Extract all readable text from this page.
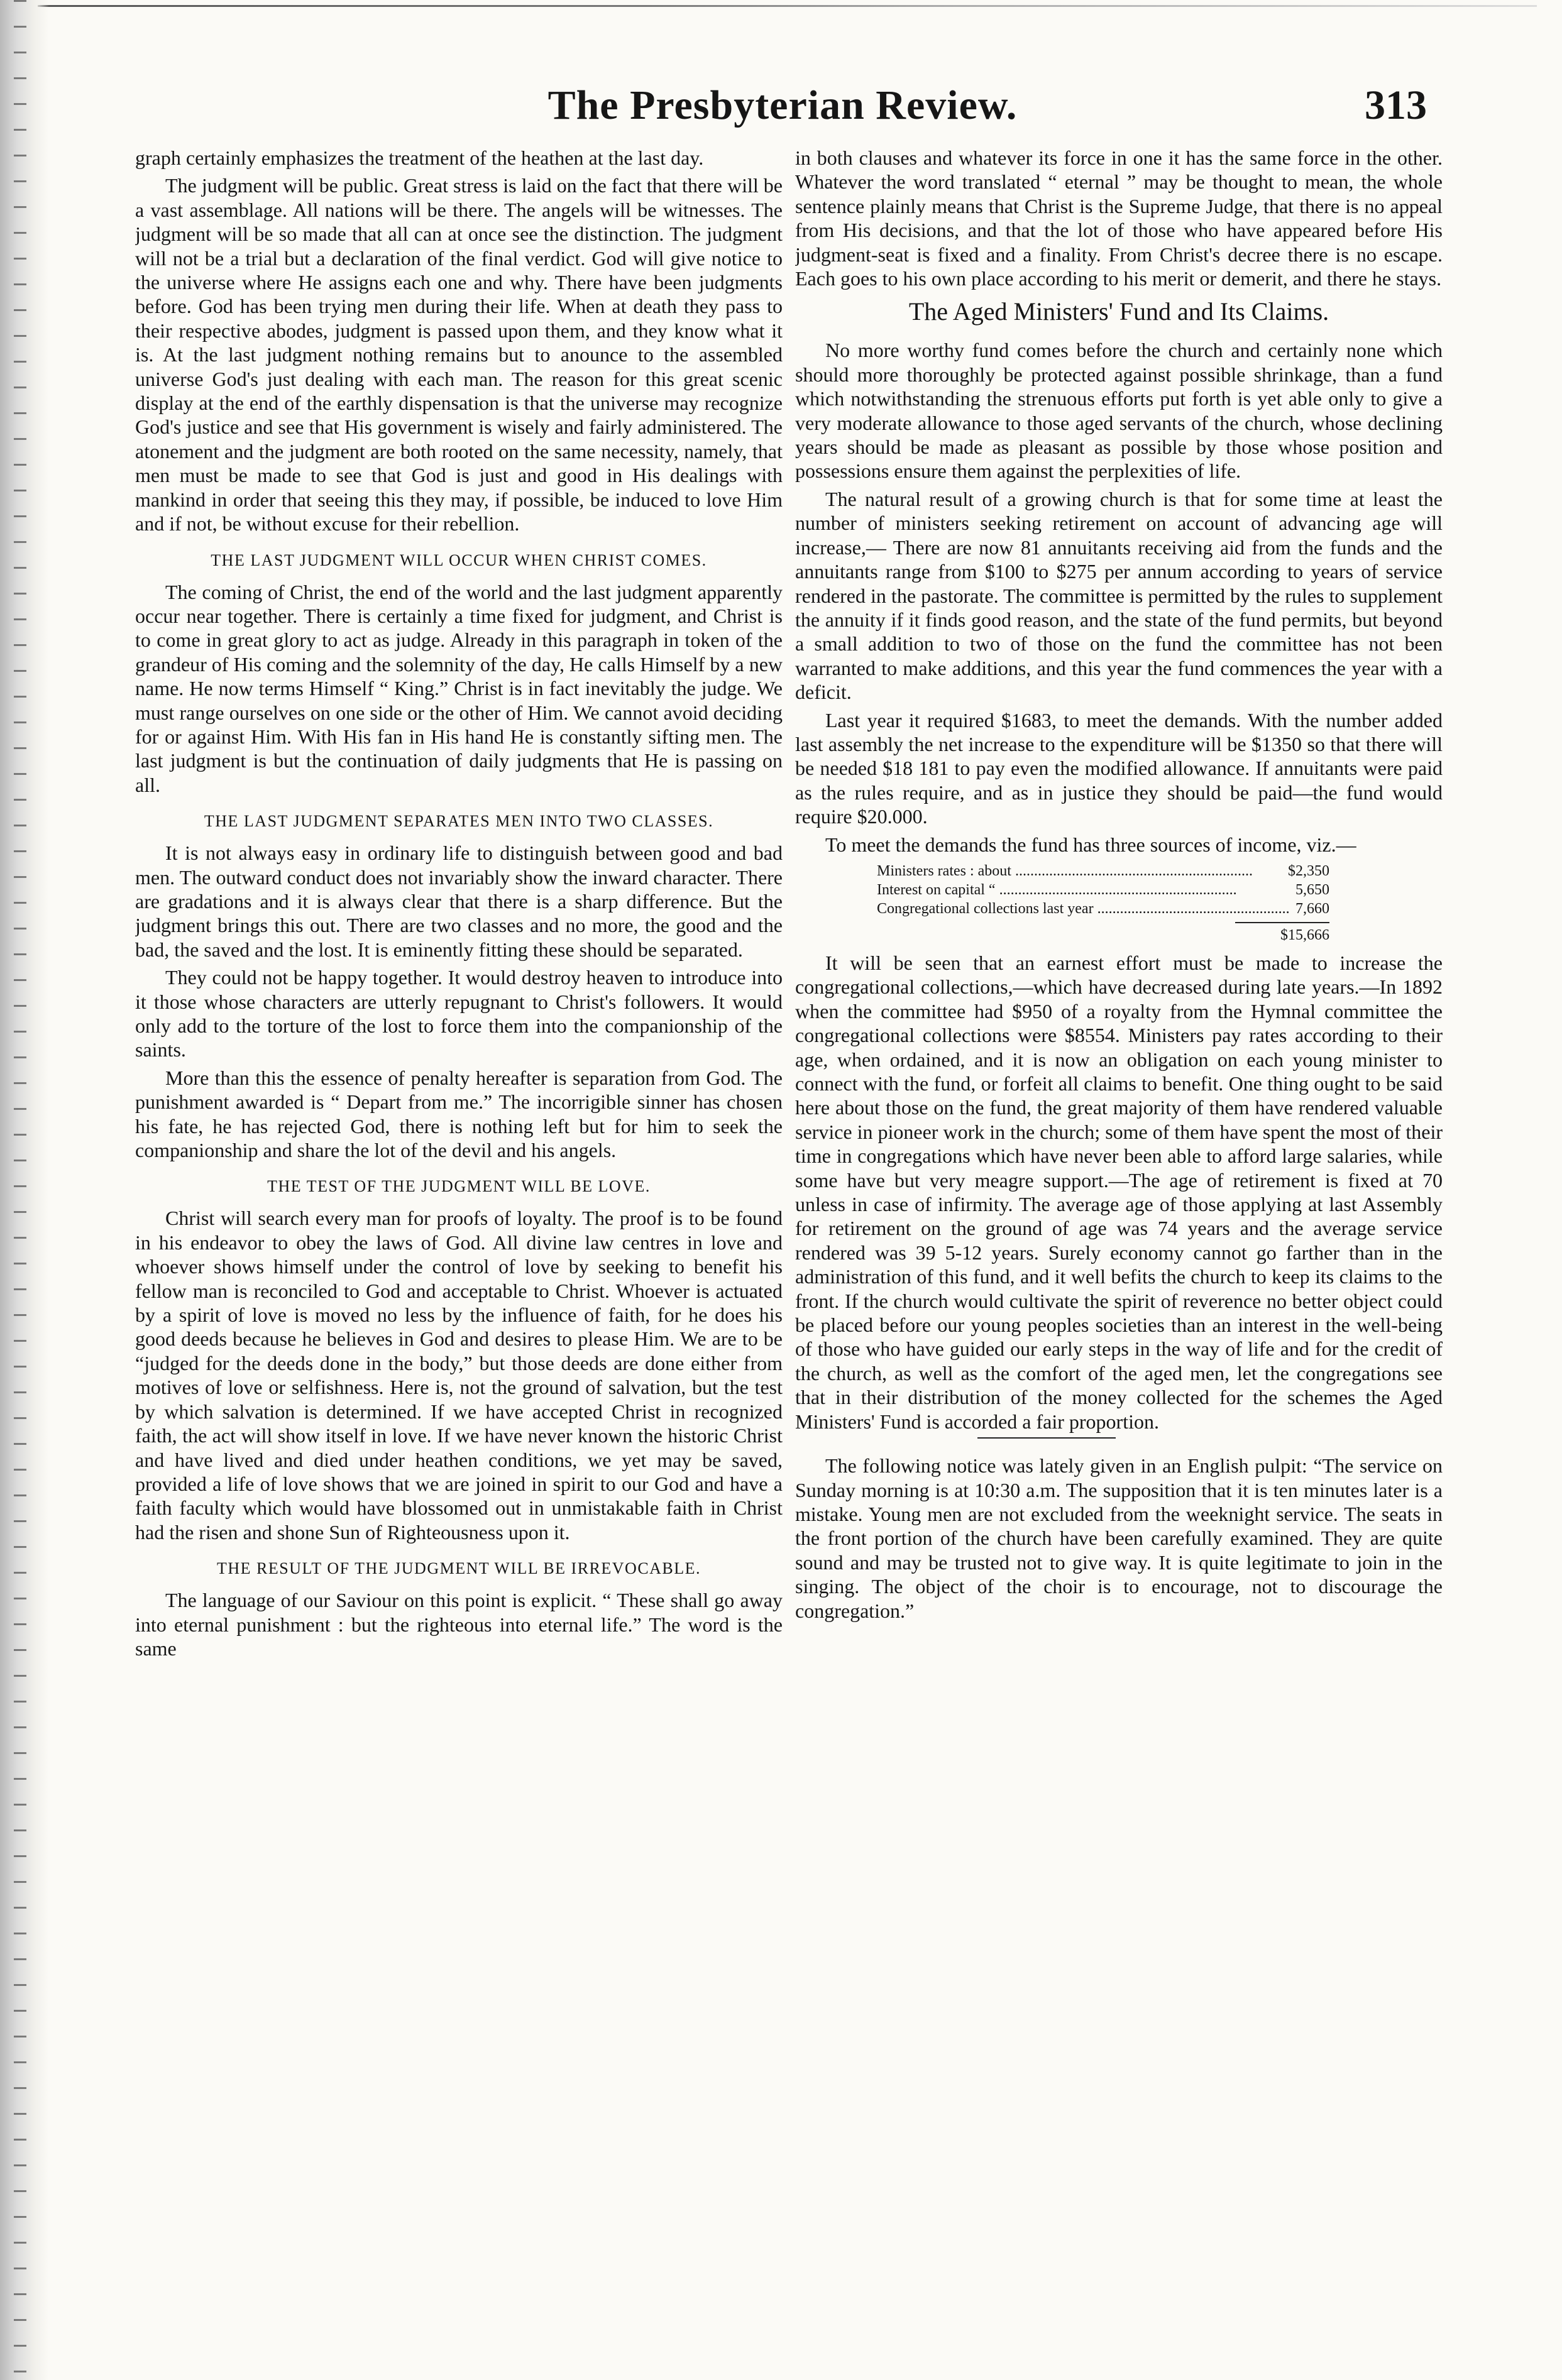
The Presbyterian Review.	313

graph certainly emphasizes the treatment of the heathen at the last day.

The judgment will be public. Great stress is laid on the fact that there will be a vast assemblage. All nations will be there. The angels will be witnesses. The judgment will be so made that all can at once see the distinction. The judgment will not be a trial but a declaration of the final verdict. God will give notice to the universe where He assigns each one and why. There have been judgments before. God has been trying men during their life. When at death they pass to their respective abodes, judgment is passed upon them, and they know what it is. At the last judgment nothing remains but to anounce to the assembled universe God's just dealing with each man. The reason for this great scenic display at the end of the earthly dispensation is that the universe may recognize God's justice and see that His government is wisely and fairly administered. The atonement and the judgment are both rooted on the same necessity, namely, that men must be made to see that God is just and good in His dealings with mankind in order that seeing this they may, if possible, be induced to love Him and if not, be without excuse for their rebellion.

THE LAST JUDGMENT WILL OCCUR WHEN CHRIST COMES.

The coming of Christ, the end of the world and the last judgment apparently occur near together. There is certainly a time fixed for judgment, and Christ is to come in great glory to act as judge. Already in this paragraph in token of the grandeur of His coming and the solemnity of the day, He calls Himself by a new name. He now terms Himself “ King.” Christ is in fact inevitably the judge. We must range ourselves on one side or the other of Him. We cannot avoid deciding for or against Him. With His fan in His hand He is constantly sifting men. The last judgment is but the continuation of daily judgments that He is passing on all.

THE LAST JUDGMENT SEPARATES MEN INTO TWO CLASSES.

It is not always easy in ordinary life to distinguish between good and bad men. The outward conduct does not invariably show the inward character. There are gradations and it is always clear that there is a sharp difference. But the judgment brings this out. There are two classes and no more, the good and the bad, the saved and the lost. It is eminently fitting these should be separated.

They could not be happy together. It would destroy heaven to introduce into it those whose characters are utterly repugnant to Christ's followers. It would only add to the torture of the lost to force them into the companionship of the saints.

More than this the essence of penalty hereafter is separation from God. The punishment awarded is “ Depart from me.” The incorrigible sinner has chosen his fate, he has rejected God, there is nothing left but for him to seek the companionship and share the lot of the devil and his angels.

THE TEST OF THE JUDGMENT WILL BE LOVE.

Christ will search every man for proofs of loyalty. The proof is to be found in his endeavor to obey the laws of God. All divine law centres in love and whoever shows himself under the control of love by seeking to benefit his fellow man is reconciled to God and acceptable to Christ. Whoever is actuated by a spirit of love is moved no less by the influence of faith, for he does his good deeds because he believes in God and desires to please Him. We are to be “judged for the deeds done in the body,” but those deeds are done either from motives of love or selfishness. Here is, not the ground of salvation, but the test by which salvation is determined. If we have accepted Christ in recognized faith, the act will show itself in love. If we have never known the historic Christ and have lived and died under heathen conditions, we yet may be saved, provided a life of love shows that we are joined in spirit to our God and have a faith faculty which would have blossomed out in unmistakable faith in Christ had the risen and shone Sun of Righteousness upon it.

THE RESULT OF THE JUDGMENT WILL BE IRREVOCABLE.

The language of our Saviour on this point is explicit. “ These shall go away into eternal punishment : but the righteous into eternal life.” The word is the same

in both clauses and whatever its force in one it has the same force in the other. Whatever the word translated “ eternal ” may be thought to mean, the whole sentence plainly means that Christ is the Supreme Judge, that there is no appeal from His decisions, and that the lot of those who have appeared before His judgment-seat is fixed and a finality. From Christ's decree there is no escape. Each goes to his own place according to his merit or demerit, and there he stays.

The Aged Ministers' Fund and Its Claims.

No more worthy fund comes before the church and certainly none which should more thoroughly be protected against possible shrinkage, than a fund which notwithstanding the strenuous efforts put forth is yet able only to give a very moderate allowance to those aged servants of the church, whose declining years should be made as pleasant as possible by those whose position and possessions ensure them against the perplexities of life.

The natural result of a growing church is that for some time at least the number of ministers seeking retirement on account of advancing age will increase,— There are now 81 annuitants receiving aid from the funds and the annuitants range from $100 to $275 per annum according to years of service rendered in the pastorate. The committee is permitted by the rules to supplement the annuity if it finds good reason, and the state of the fund permits, but beyond a small addition to two of those on the fund the committee has not been warranted to make additions, and this year the fund commences the year with a deficit.

Last year it required $1683, to meet the demands. With the number added last assembly the net increase to the expenditure will be $1350 so that there will be needed $18 181 to pay even the modified allowance. If annuitants were paid as the rules require, and as in justice they should be paid—the fund would require $20.000.

To meet the demands the fund has three sources of income, viz.—

Ministers rates : about .....	$2,350
Interest on capital “ .....	5,650
Congregational collections last year .....	7,660
$15,666

It will be seen that an earnest effort must be made to increase the congregational collections,—which have decreased during late years.—In 1892 when the committee had $950 of a royalty from the Hymnal committee the congregational collections were $8554. Ministers pay rates according to their age, when ordained, and it is now an obligation on each young minister to connect with the fund, or forfeit all claims to benefit. One thing ought to be said here about those on the fund, the great majority of them have rendered valuable service in pioneer work in the church; some of them have spent the most of their time in congregations which have never been able to afford large salaries, while some have but very meagre support.—The age of retirement is fixed at 70 unless in case of infirmity. The average age of those applying at last Assembly for retirement on the ground of age was 74 years and the average service rendered was 39 5-12 years. Surely economy cannot go farther than in the administration of this fund, and it well befits the church to keep its claims to the front. If the church would cultivate the spirit of reverence no better object could be placed before our young peoples societies than an interest in the well-being of those who have guided our early steps in the way of life and for the credit of the church, as well as the comfort of the aged men, let the congregations see that in their distribution of the money collected for the schemes the Aged Ministers' Fund is accorded a fair proportion.

The following notice was lately given in an English pulpit: “The service on Sunday morning is at 10:30 a.m. The supposition that it is ten minutes later is a mistake. Young men are not excluded from the weeknight service. The seats in the front portion of the church have been carefully examined. They are quite sound and may be trusted not to give way. It is quite legitimate to join in the singing. The object of the choir is to encourage, not to discourage the congregation.”
